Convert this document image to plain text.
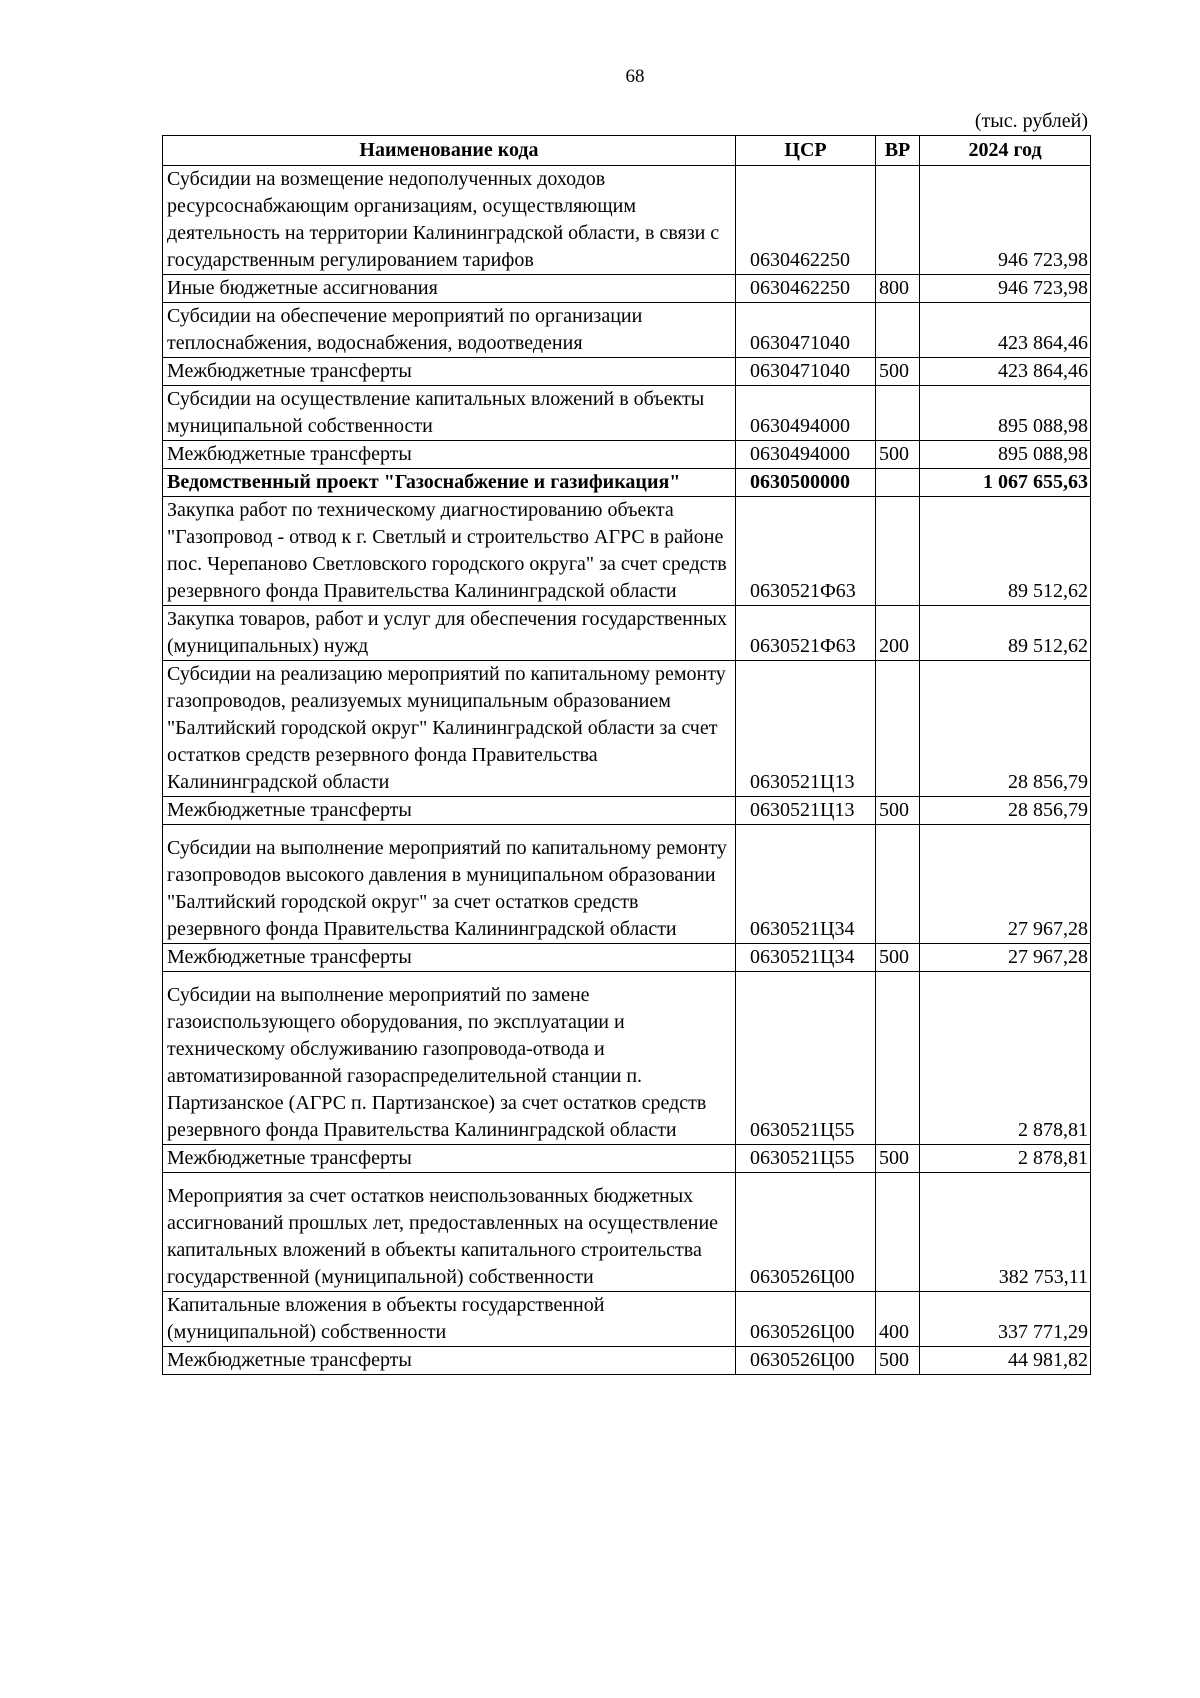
68
(тыс. рублей)
Наименование кода	ЦСР	ВР	2024 год
Субсидии на возмещение недополученных доходов ресурсоснабжающим организациям, осуществляющим деятельность на территории Калининградской области, в связи с государственным регулированием тарифов	0630462250		946 723,98
Иные бюджетные ассигнования	0630462250	800	946 723,98
Субсидии на обеспечение мероприятий по организации теплоснабжения, водоснабжения, водоотведения	0630471040		423 864,46
Межбюджетные трансферты	0630471040	500	423 864,46
Субсидии на осуществление капитальных вложений в объекты муниципальной собственности	0630494000		895 088,98
Межбюджетные трансферты	0630494000	500	895 088,98
Ведомственный проект "Газоснабжение и газификация"	0630500000		1 067 655,63
Закупка работ по техническому диагностированию объекта "Газопровод - отвод к г. Светлый и строительство АГРС в районе пос. Черепаново Светловского городского округа" за счет средств резервного фонда Правительства Калининградской области	0630521Ф63		89 512,62
Закупка товаров, работ и услуг для обеспечения государственных (муниципальных) нужд	0630521Ф63	200	89 512,62
Субсидии на реализацию мероприятий по капитальному ремонту газопроводов, реализуемых муниципальным образованием "Балтийский городской округ" Калининградской области за счет остатков средств резервного фонда Правительства Калининградской области	0630521Ц13		28 856,79
Межбюджетные трансферты	0630521Ц13	500	28 856,79
Субсидии на выполнение мероприятий по капитальному ремонту газопроводов высокого давления в муниципальном образовании "Балтийский городской округ" за счет остатков средств резервного фонда Правительства Калининградской области	0630521Ц34		27 967,28
Межбюджетные трансферты	0630521Ц34	500	27 967,28
Субсидии на выполнение мероприятий по замене газоиспользующего оборудования, по эксплуатации и техническому обслуживанию газопровода-отвода и автоматизированной газораспределительной станции п. Партизанское (АГРС п. Партизанское) за счет остатков средств резервного фонда Правительства Калининградской области	0630521Ц55		2 878,81
Межбюджетные трансферты	0630521Ц55	500	2 878,81
Мероприятия за счет остатков неиспользованных бюджетных ассигнований прошлых лет, предоставленных на осуществление капитальных вложений в объекты капитального строительства государственной (муниципальной) собственности	0630526Ц00		382 753,11
Капитальные вложения в объекты государственной (муниципальной) собственности	0630526Ц00	400	337 771,29
Межбюджетные трансферты	0630526Ц00	500	44 981,82
